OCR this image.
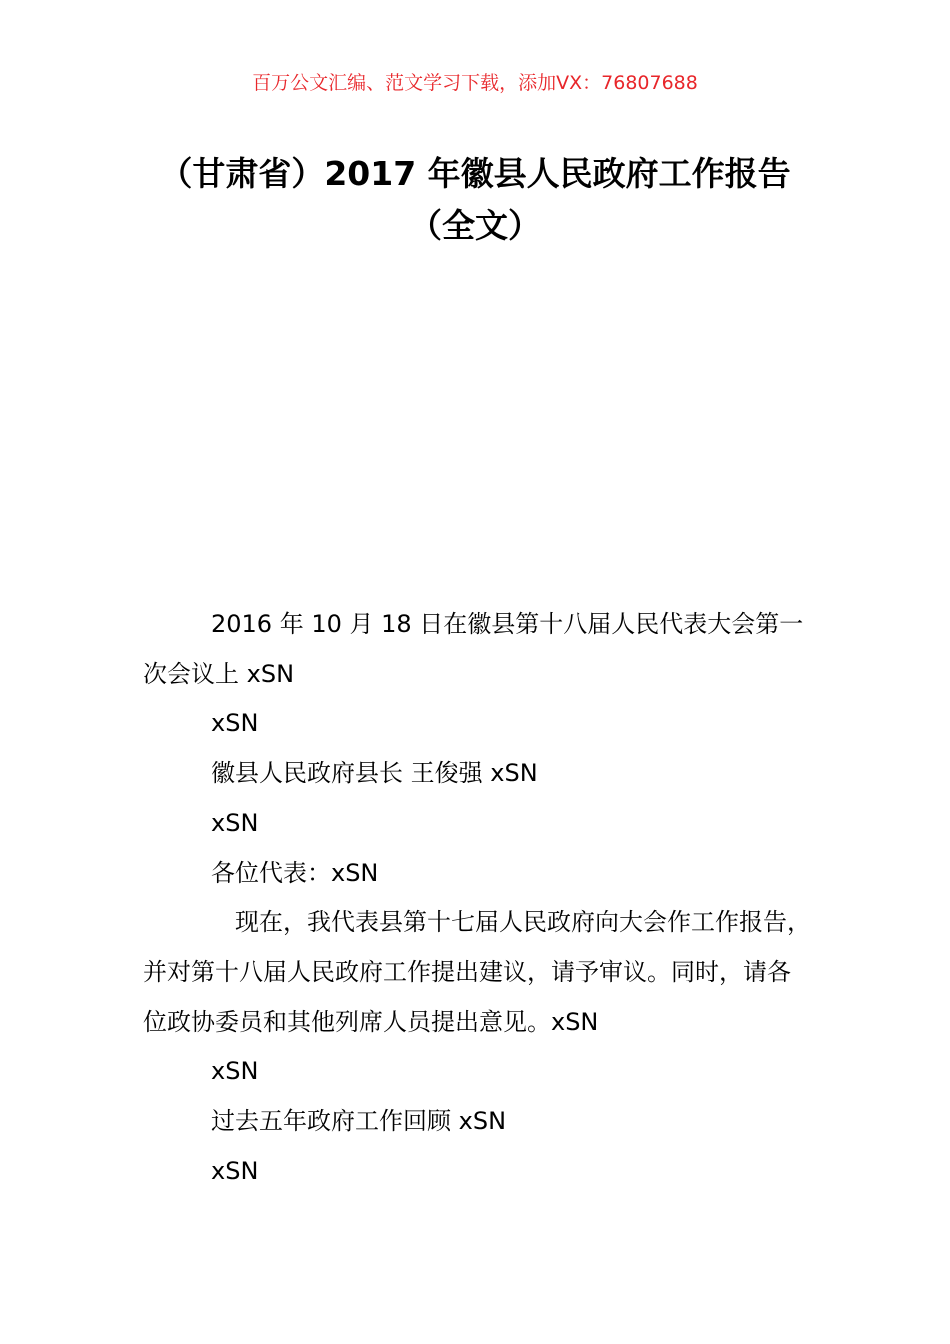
百万公文汇编、范文学习下载，添加VX：76807688
（甘肃省）2017 年徽县人民政府工作报告
（全文）

2016 年 10 月 18 日在徽县第十八届人民代表大会第一次会议上 xSN

xSN

徽县人民政府县长 王俊强 xSN

xSN

各位代表：xSN

现在，我代表县第十七届人民政府向大会作工作报告，并对第十八届人民政府工作提出建议，请予审议。同时，请各位政协委员和其他列席人员提出意见。xSN

xSN

过去五年政府工作回顾 xSN

xSN
